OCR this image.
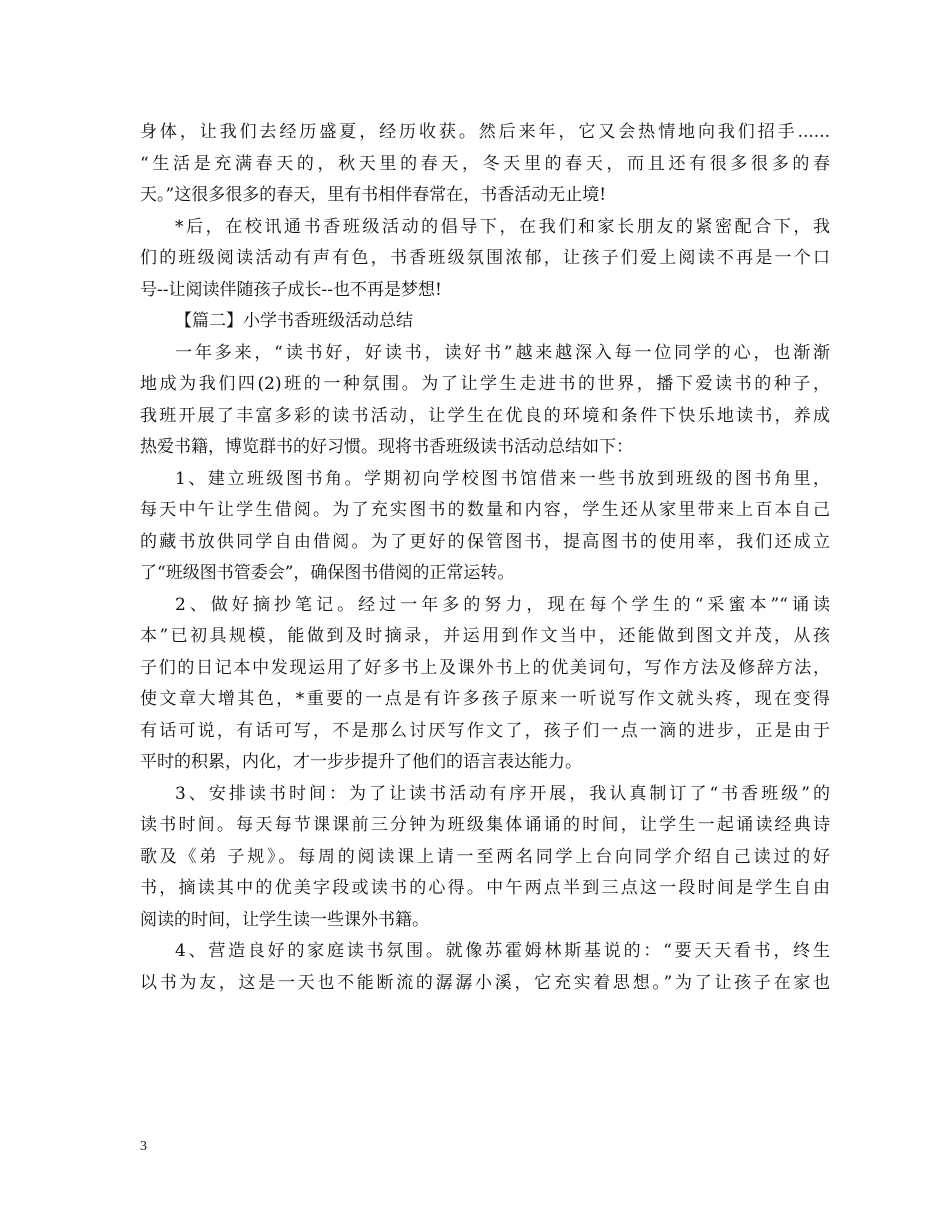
身体，让我们去经历盛夏，经历收获。然后来年，它又会热情地向我们招手......
“生活是充满春天的，秋天里的春天，冬天里的春天，而且还有很多很多的春
天。”这很多很多的春天，里有书相伴春常在，书香活动无止境!
*后，在校讯通书香班级活动的倡导下，在我们和家长朋友的紧密配合下，我
们的班级阅读活动有声有色，书香班级氛围浓郁，让孩子们爱上阅读不再是一个口
号--让阅读伴随孩子成长--也不再是梦想!
【篇二】小学书香班级活动总结
一年多来，“读书好，好读书，读好书”越来越深入每一位同学的心，也渐渐
地成为我们四(2)班的一种氛围。为了让学生走进书的世界，播下爱读书的种子，
我班开展了丰富多彩的读书活动，让学生在优良的环境和条件下快乐地读书，养成
热爱书籍，博览群书的好习惯。现将书香班级读书活动总结如下：
1、建立班级图书角。学期初向学校图书馆借来一些书放到班级的图书角里，
每天中午让学生借阅。为了充实图书的数量和内容，学生还从家里带来上百本自己
的藏书放供同学自由借阅。为了更好的保管图书，提高图书的使用率，我们还成立
了“班级图书管委会”，确保图书借阅的正常运转。
2、做好摘抄笔记。经过一年多的努力，现在每个学生的“采蜜本”“诵读
本”已初具规模，能做到及时摘录，并运用到作文当中，还能做到图文并茂，从孩
子们的日记本中发现运用了好多书上及课外书上的优美词句，写作方法及修辞方法，
使文章大增其色，*重要的一点是有许多孩子原来一听说写作文就头疼，现在变得
有话可说，有话可写，不是那么讨厌写作文了，孩子们一点一滴的进步，正是由于
平时的积累，内化，才一步步提升了他们的语言表达能力。
3、安排读书时间：为了让读书活动有序开展，我认真制订了“书香班级”的
读书时间。每天每节课课前三分钟为班级集体诵诵的时间，让学生一起诵读经典诗
歌及《弟 子规》。每周的阅读课上请一至两名同学上台向同学介绍自己读过的好
书，摘读其中的优美字段或读书的心得。中午两点半到三点这一段时间是学生自由
阅读的时间，让学生读一些课外书籍。
4、营造良好的家庭读书氛围。就像苏霍姆林斯基说的：“要天天看书，终生
以书为友，这是一天也不能断流的潺潺小溪，它充实着思想。”为了让孩子在家也
3
